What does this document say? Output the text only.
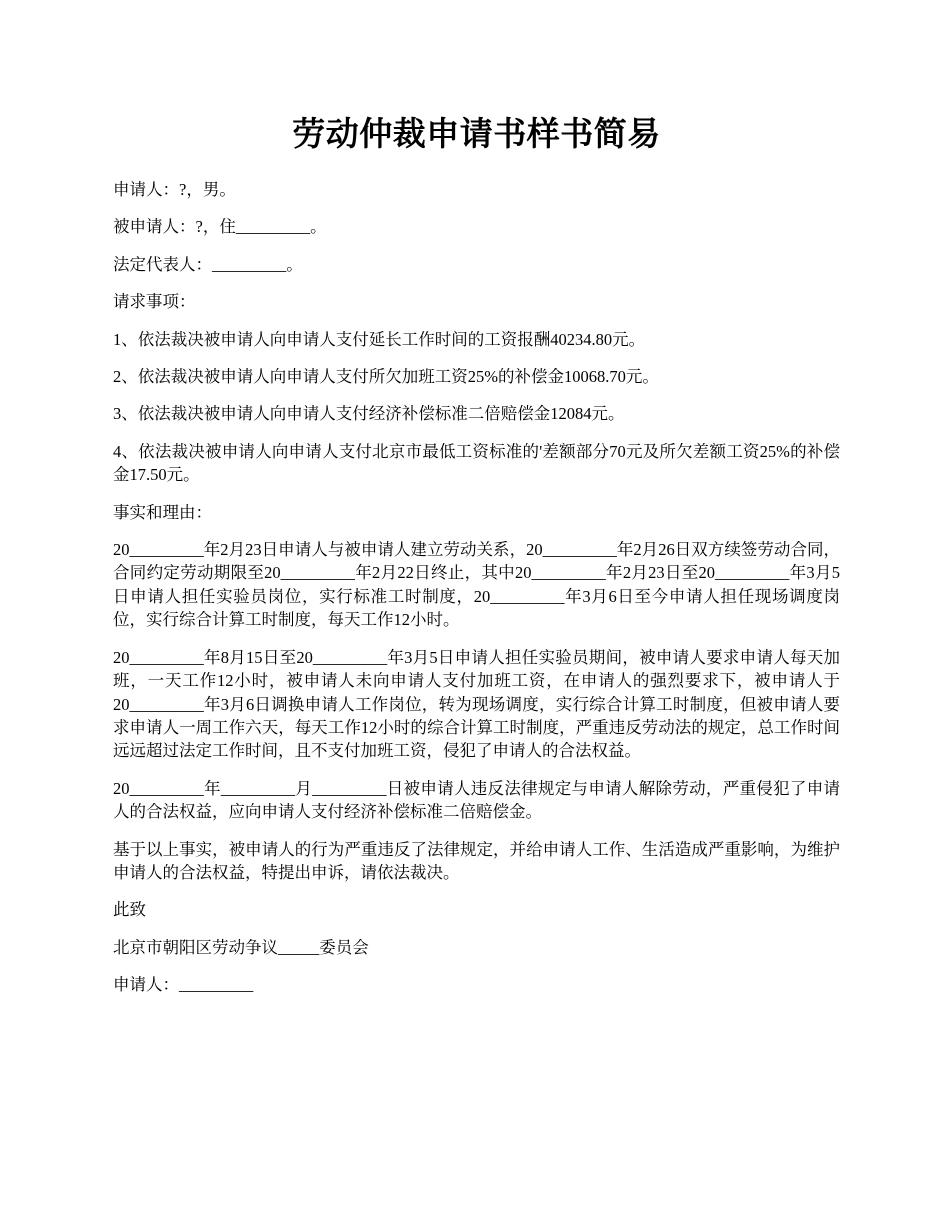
劳动仲裁申请书样书简易

申请人：?，男。

被申请人：?，住_________。

法定代表人：_________。

请求事项：

1、依法裁决被申请人向申请人支付延长工作时间的工资报酬40234.80元。

2、依法裁决被申请人向申请人支付所欠加班工资25%的补偿金10068.70元。

3、依法裁决被申请人向申请人支付经济补偿标准二倍赔偿金12084元。

4、依法裁决被申请人向申请人支付北京市最低工资标准的'差额部分70元及所欠差额工资25%的补偿金17.50元。

事实和理由：

20_________年2月23日申请人与被申请人建立劳动关系，20_________年2月26日双方续签劳动合同，合同约定劳动期限至20_________年2月22日终止，其中20_________年2月23日至20_________年3月5日申请人担任实验员岗位，实行标准工时制度，20_________年3月6日至今申请人担任现场调度岗位，实行综合计算工时制度，每天工作12小时。

20_________年8月15日至20_________年3月5日申请人担任实验员期间，被申请人要求申请人每天加班，一天工作12小时，被申请人未向申请人支付加班工资，在申请人的强烈要求下，被申请人于20_________年3月6日调换申请人工作岗位，转为现场调度，实行综合计算工时制度，但被申请人要求申请人一周工作六天，每天工作12小时的综合计算工时制度，严重违反劳动法的规定，总工作时间远远超过法定工作时间，且不支付加班工资，侵犯了申请人的合法权益。

20_________年_________月_________日被申请人违反法律规定与申请人解除劳动，严重侵犯了申请人的合法权益，应向申请人支付经济补偿标准二倍赔偿金。

基于以上事实，被申请人的行为严重违反了法律规定，并给申请人工作、生活造成严重影响，为维护申请人的合法权益，特提出申诉，请依法裁决。

此致

北京市朝阳区劳动争议_____委员会

申请人：_________
